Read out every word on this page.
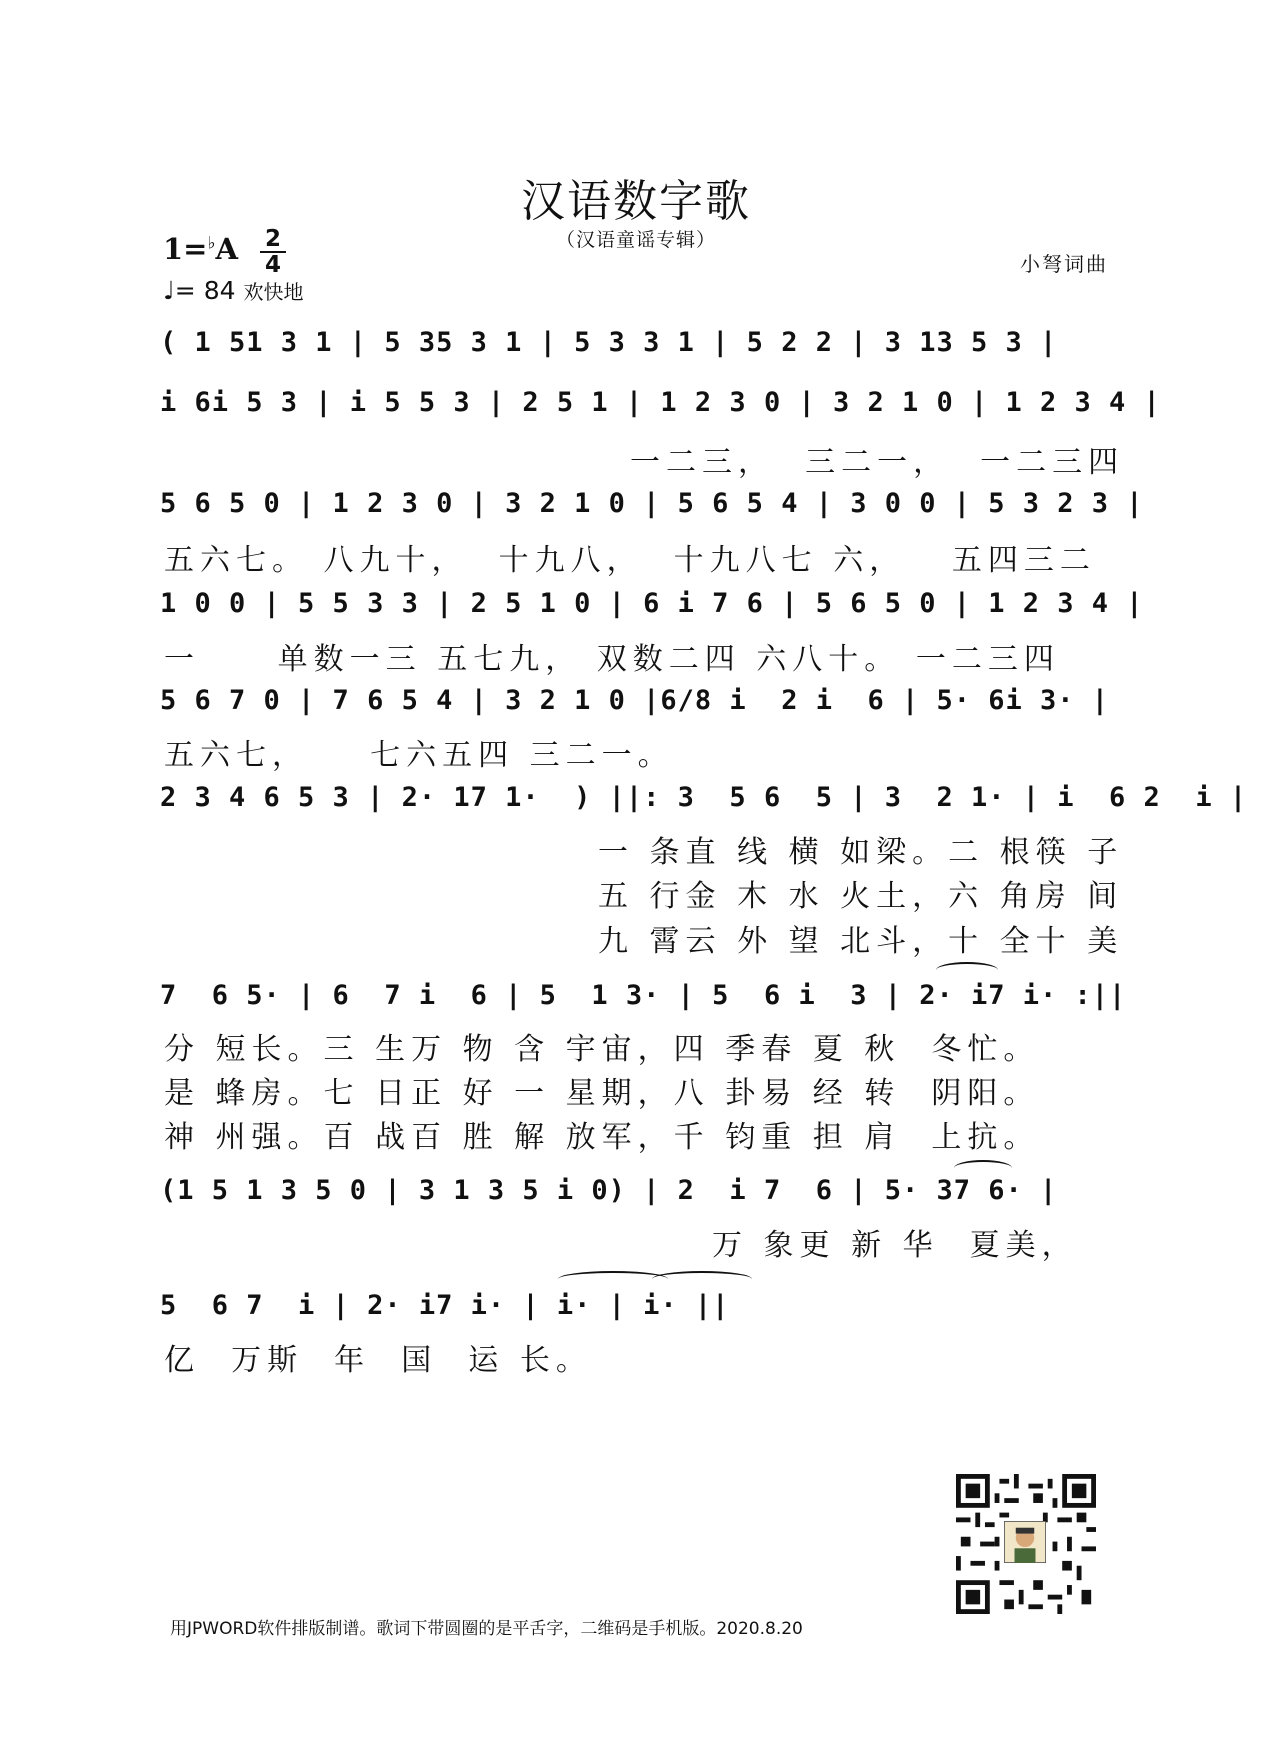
汉语数字歌
（汉语童谣专辑）
1=♭A	2
4
♩= 84 欢快地
小弩词曲
( 1 51 3 1 | 5 35 3 1 | 5 3 3 1 | 5 2 2 | 3 13 5 3 |
i 6i 5 3 | i 5 5 3 | 2 5 1 | 1 2 3 0 | 3 2 1 0 | 1 2 3 4 |
5 6 5 0 | 1 2 3 0 | 3 2 1 0 | 5 6 5 4 | 3 0 0 | 5 3 2 3 |
1 0 0 | 5 5 3 3 | 2 5 1 0 | 6 i 7 6 | 5 6 5 0 | 1 2 3 4 |
5 6 7 0 | 7 6 5 4 | 3 2 1 0 |6/8 i  2 i  6 | 5· 6i 3· |
2 3 4 6 5 3 | 2· 17 1·  ) ||: 3  5 6  5 | 3  2 1· | i  6 2  i |
7  6 5· | 6  7 i  6 | 5  1 3· | 5  6 i  3 | 2· i7 i· :||
(1 5 1 3 5 0 | 3 1 3 5 i 0) | 2  i 7  6 | 5· 37 6· |
5  6 7  i | 2· i7 i· | i· | i· ||
一二三，  三二一，  一二三四
五六七。 八九十，  十九八，  十九八七 六，   五四三二
一     单数一三 五七九， 双数二四 六八十。 一二三四
五六七，    七六五四 三二一。
一 条直 线 横 如梁。二 根筷 子
五 行金 木 水 火土，六 角房 间
九 霄云 外 望 北斗，十 全十 美
分 短长。三 生万 物 含 宇宙，四 季春 夏 秋  冬忙。
是 蜂房。七 日正 好 一 星期，八 卦易 经 转  阴阳。
神 州强。百 战百 胜 解 放军，千 钧重 担 肩  上抗。
万 象更 新 华  夏美，
亿  万斯  年  国  运 长。
用JPWORD软件排版制谱。歌词下带圆圈的是平舌字，二维码是手机版。2020.8.20
